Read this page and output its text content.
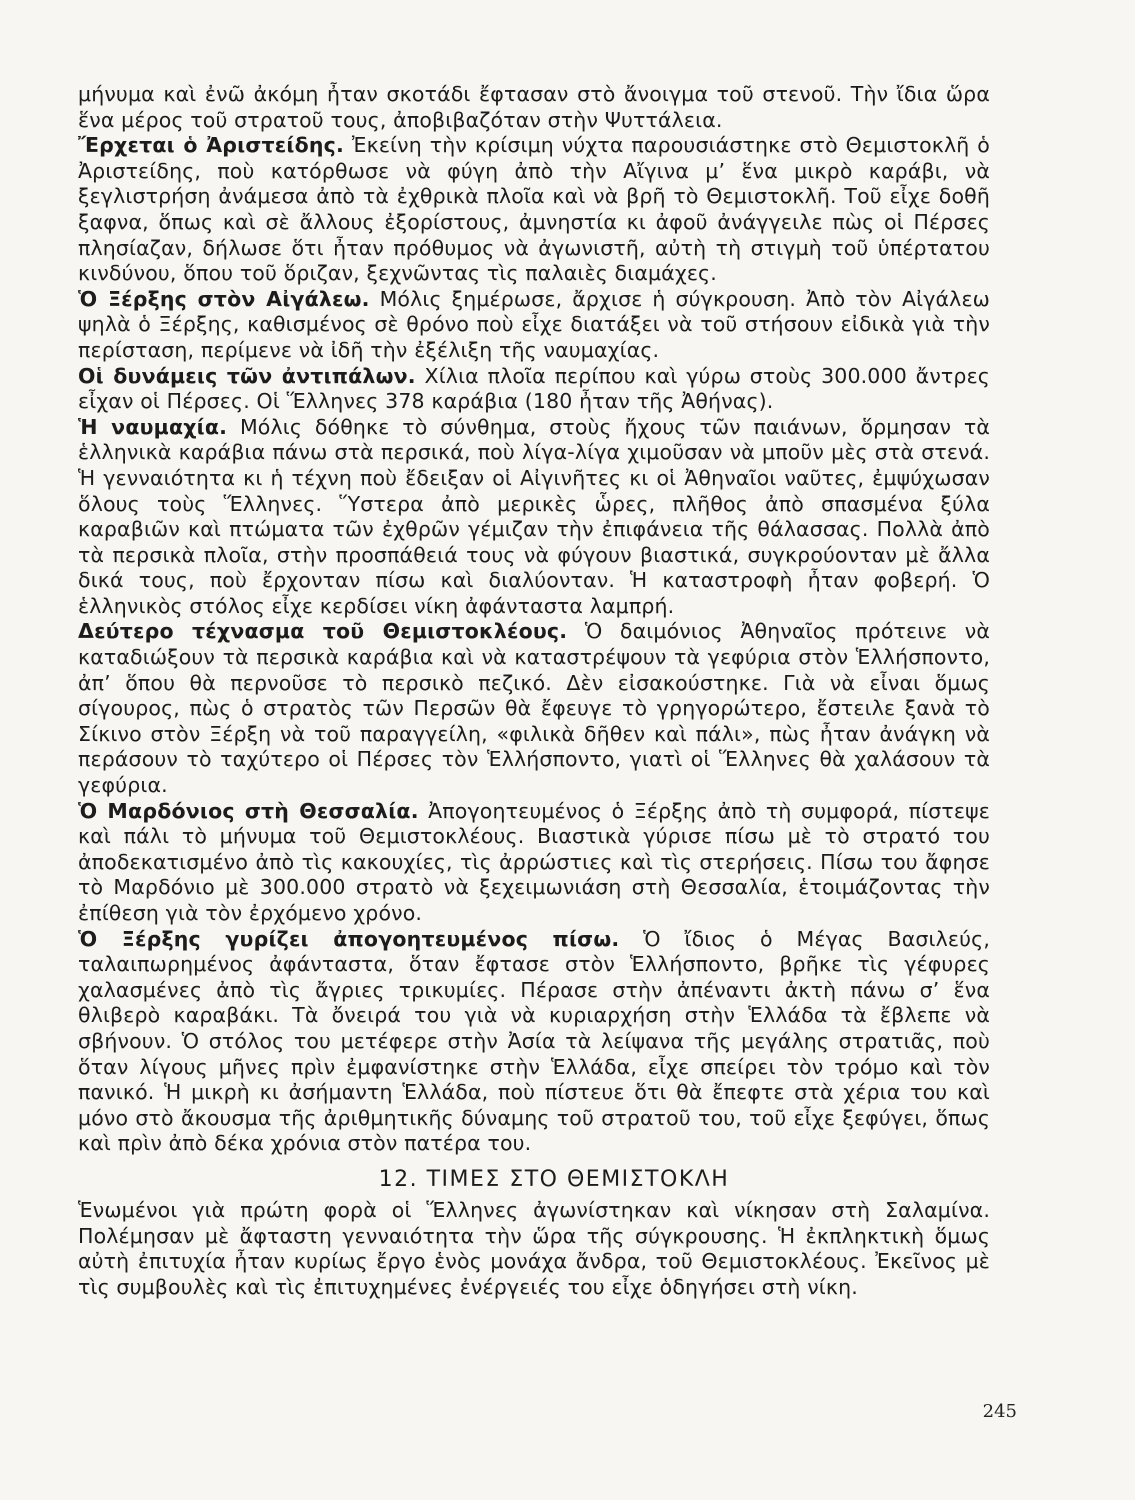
μήνυμα καὶ ἐνῶ ἀκόμη ἦταν σκοτάδι ἔφτασαν στὸ ἄνοιγμα τοῦ στενοῦ. Τὴν ἴδια ὥρα ἕνα μέρος τοῦ στρατοῦ τους, ἀποβιβαζόταν στὴν Ψυττάλεια.

Ἔρχεται ὁ Ἀριστείδης. Ἐκείνη τὴν κρίσιμη νύχτα παρουσιάστηκε στὸ Θεμιστοκλῆ ὁ Ἀριστείδης, ποὺ κατόρθωσε νὰ φύγη ἀπὸ τὴν Αἴγινα μ’ ἕνα μικρὸ καράβι, νὰ ξεγλιστρήση ἀνάμεσα ἀπὸ τὰ ἐχθρικὰ πλοῖα καὶ νὰ βρῆ τὸ Θεμιστοκλῆ. Τοῦ εἶχε δοθῆ ξαφνα, ὅπως καὶ σὲ ἄλλους ἐξορίστους, ἀμνηστία κι ἀφοῦ ἀνάγγειλε πὼς οἱ Πέρσες πλησίαζαν, δήλωσε ὅτι ἦταν πρόθυμος νὰ ἀγωνιστῆ, αὐτὴ τὴ στιγμὴ τοῦ ὑπέρτατου κινδύνου, ὅπου τοῦ ὅριζαν, ξεχνῶντας τὶς παλαιὲς διαμάχες.

Ὁ Ξέρξης στὸν Αἰγάλεω. Μόλις ξημέρωσε, ἄρχισε ἡ σύγκρουση. Ἀπὸ τὸν Αἰγάλεω ψηλὰ ὁ Ξέρξης, καθισμένος σὲ θρόνο ποὺ εἶχε διατάξει νὰ τοῦ στήσουν εἰδικὰ γιὰ τὴν περίσταση, περίμενε νὰ ἰδῆ τὴν ἐξέλιξη τῆς ναυμαχίας.

Οἱ δυνάμεις τῶν ἀντιπάλων. Χίλια πλοῖα περίπου καὶ γύρω στοὺς 300.000 ἄντρες εἶχαν οἱ Πέρσες. Οἱ Ἕλληνες 378 καράβια (180 ἦταν τῆς Ἀθήνας).

Ἡ ναυμαχία. Μόλις δόθηκε τὸ σύνθημα, στοὺς ἤχους τῶν παιάνων, ὅρμησαν τὰ ἑλληνικὰ καράβια πάνω στὰ περσικά, ποὺ λίγα-λίγα χιμοῦσαν νὰ μποῦν μὲς στὰ στενά. Ἡ γενναιότητα κι ἡ τέχνη ποὺ ἔδειξαν οἱ Αἰγινῆτες κι οἱ Ἀθηναῖοι ναῦτες, ἐμψύχωσαν ὅλους τοὺς Ἕλληνες. Ὕστερα ἀπὸ μερικὲς ὧρες, πλῆθος ἀπὸ σπασμένα ξύλα καραβιῶν καὶ πτώματα τῶν ἐχθρῶν γέμιζαν τὴν ἐπιφάνεια τῆς θάλασσας. Πολλὰ ἀπὸ τὰ περσικὰ πλοῖα, στὴν προσπάθειά τους νὰ φύγουν βιαστικά, συγκρούονταν μὲ ἄλλα δικά τους, ποὺ ἔρχονταν πίσω καὶ διαλύονταν. Ἡ καταστροφὴ ἦταν φοβερή. Ὁ ἑλληνικὸς στόλος εἶχε κερδίσει νίκη ἀφάνταστα λαμπρή.

Δεύτερο τέχνασμα τοῦ Θεμιστοκλέους. Ὁ δαιμόνιος Ἀθηναῖος πρότεινε νὰ καταδιώξουν τὰ περσικὰ καράβια καὶ νὰ καταστρέψουν τὰ γεφύρια στὸν Ἑλλήσποντο, ἀπ’ ὅπου θὰ περνοῦσε τὸ περσικὸ πεζικό. Δὲν εἰσακούστηκε. Γιὰ νὰ εἶναι ὅμως σίγουρος, πὼς ὁ στρατὸς τῶν Περσῶν θὰ ἔφευγε τὸ γρηγορώτερο, ἔστειλε ξανὰ τὸ Σίκινο στὸν Ξέρξη νὰ τοῦ παραγγείλη, «φιλικὰ δῆθεν καὶ πάλι», πὼς ἦταν ἀνάγκη νὰ περάσουν τὸ ταχύτερο οἱ Πέρσες τὸν Ἑλλήσποντο, γιατὶ οἱ Ἕλληνες θὰ χαλάσουν τὰ γεφύρια.

Ὁ Μαρδόνιος στὴ Θεσσαλία. Ἀπογοητευμένος ὁ Ξέρξης ἀπὸ τὴ συμφορά, πίστεψε καὶ πάλι τὸ μήνυμα τοῦ Θεμιστοκλέους. Βιαστικὰ γύρισε πίσω μὲ τὸ στρατό του ἀποδεκατισμένο ἀπὸ τὶς κακουχίες, τὶς ἀρρώστιες καὶ τὶς στερήσεις. Πίσω του ἄφησε τὸ Μαρδόνιο μὲ 300.000 στρατὸ νὰ ξεχειμωνιάση στὴ Θεσσαλία, ἑτοιμάζοντας τὴν ἐπίθεση γιὰ τὸν ἐρχόμενο χρόνο.

Ὁ Ξέρξης γυρίζει ἀπογοητευμένος πίσω. Ὁ ἴδιος ὁ Μέγας Βασιλεύς, ταλαιπωρημένος ἀφάνταστα, ὅταν ἔφτασε στὸν Ἑλλήσποντο, βρῆκε τὶς γέφυρες χαλασμένες ἀπὸ τὶς ἄγριες τρικυμίες. Πέρασε στὴν ἀπέναντι ἀκτὴ πάνω σ’ ἕνα θλιβερὸ καραβάκι. Τὰ ὄνειρά του γιὰ νὰ κυριαρχήση στὴν Ἑλλάδα τὰ ἔβλεπε νὰ σβήνουν. Ὁ στόλος του μετέφερε στὴν Ἀσία τὰ λείψανα τῆς μεγάλης στρατιᾶς, ποὺ ὅταν λίγους μῆνες πρὶν ἐμφανίστηκε στὴν Ἑλλάδα, εἶχε σπείρει τὸν τρόμο καὶ τὸν πανικό. Ἡ μικρὴ κι ἀσήμαντη Ἑλλάδα, ποὺ πίστευε ὅτι θὰ ἔπεφτε στὰ χέρια του καὶ μόνο στὸ ἄκουσμα τῆς ἀριθμητικῆς δύναμης τοῦ στρατοῦ του, τοῦ εἶχε ξεφύγει, ὅπως καὶ πρὶν ἀπὸ δέκα χρόνια στὸν πατέρα του.

12. ΤΙΜΕΣ ΣΤΟ ΘΕΜΙΣΤΟΚΛΗ

Ἑνωμένοι γιὰ πρώτη φορὰ οἱ Ἕλληνες ἀγωνίστηκαν καὶ νίκησαν στὴ Σαλαμίνα. Πολέμησαν μὲ ἄφταστη γενναιότητα τὴν ὥρα τῆς σύγκρουσης. Ἡ ἐκπληκτικὴ ὅμως αὐτὴ ἐπιτυχία ἦταν κυρίως ἔργο ἑνὸς μονάχα ἄνδρα, τοῦ Θεμιστοκλέους. Ἐκεῖνος μὲ τὶς συμβουλὲς καὶ τὶς ἐπιτυχημένες ἐνέργειές του εἶχε ὁδηγήσει στὴ νίκη.

245
